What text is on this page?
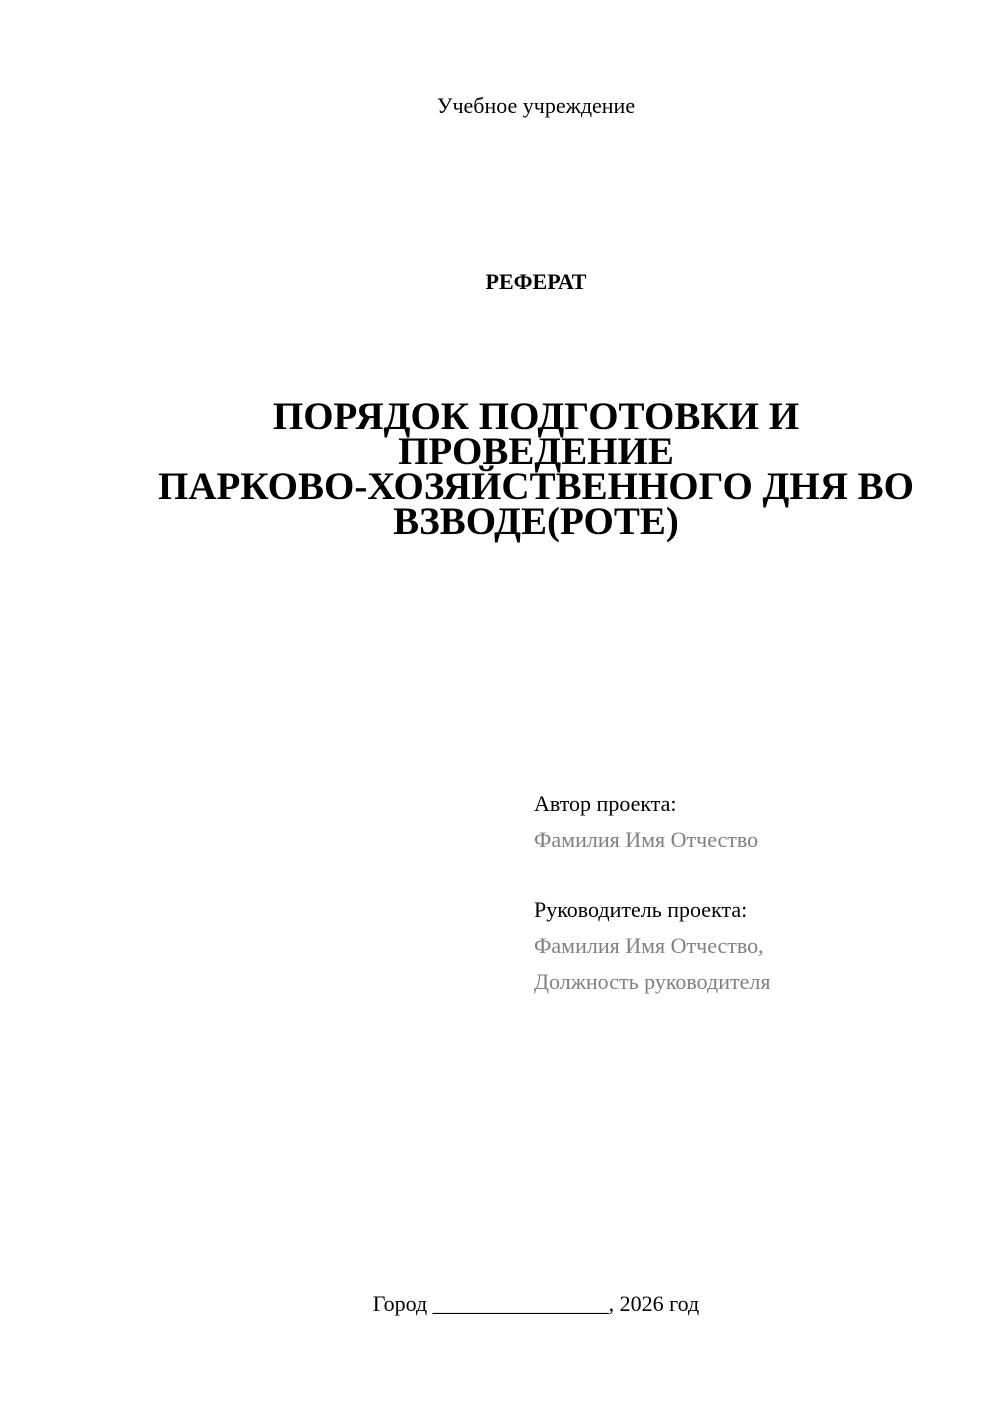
Учебное учреждение
РЕФЕРАТ
ПОРЯДОК ПОДГОТОВКИ И
ПРОВЕДЕНИЕ
ПАРКОВО-ХОЗЯЙСТВЕННОГО ДНЯ ВО
ВЗВОДЕ(РОТЕ)
Автор проекта:
Фамилия Имя Отчество
Руководитель проекта:
Фамилия Имя Отчество,
Должность руководителя
Город ________________, 2026 год
